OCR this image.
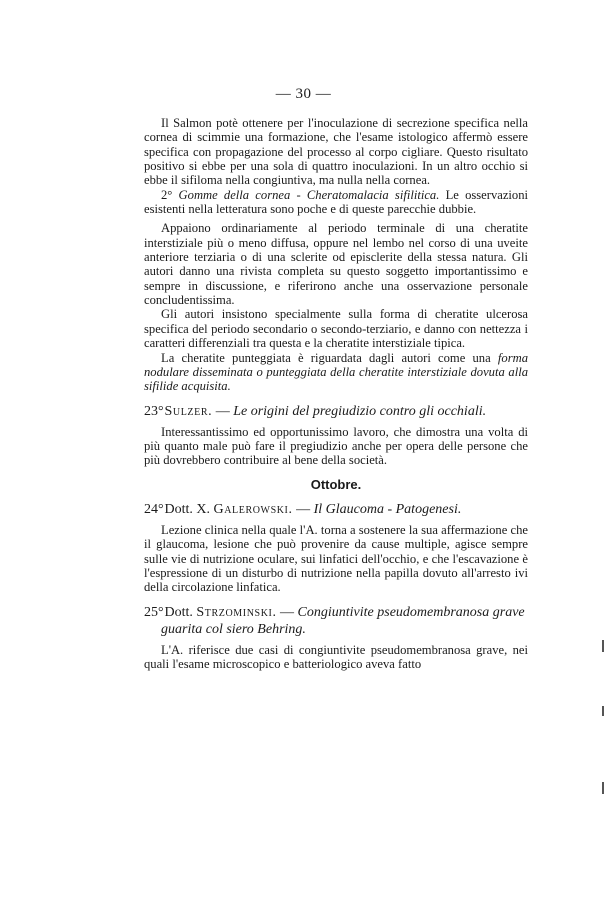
— 30 —

Il Salmon potè ottenere per l'inoculazione di secrezione specifica nella cornea di scimmie una formazione, che l'esame istologico affermò essere specifica con propagazione del processo al corpo cigliare. Questo risultato positivo si ebbe per una sola di quattro inoculazioni. In un altro occhio si ebbe il sifiloma nella congiuntiva, ma nulla nella cornea.

2° Gomme della cornea - Cheratomalacia sifilitica. Le osservazioni esistenti nella letteratura sono poche e di queste parecchie dubbie.

Appaiono ordinariamente al periodo terminale di una cheratite interstiziale più o meno diffusa, oppure nel lembo nel corso di una uveite anteriore terziaria o di una sclerite od episclerite della stessa natura. Gli autori danno una rivista completa su questo soggetto importantissimo e sempre in discussione, e riferirono anche una osservazione personale concludentissima.

Gli autori insistono specialmente sulla forma di cheratite ulcerosa specifica del periodo secondario o secondo-terziario, e danno con nettezza i caratteri differenziali tra questa e la cheratite interstiziale tipica.

La cheratite punteggiata è riguardata dagli autori come una forma nodulare disseminata o punteggiata della cheratite interstiziale dovuta alla sifilide acquisita.

23° Sulzer. — Le origini del pregiudizio contro gli occhiali.

Interessantissimo ed opportunissimo lavoro, che dimostra una volta di più quanto male può fare il pregiudizio anche per opera delle persone che più dovrebbero contribuire al bene della società.

Ottobre.
24° Dott. X. Galerowski. — Il Glaucoma - Patogenesi.

Lezione clinica nella quale l'A. torna a sostenere la sua affermazione che il glaucoma, lesione che può provenire da cause multiple, agisce sempre sulle vie di nutrizione oculare, sui linfatici dell'occhio, e che l'escavazione è l'espressione di un disturbo di nutrizione nella papilla dovuto all'arresto ivi della circolazione linfatica.

25° Dott. Strzominski. — Congiuntivite pseudomembranosa grave guarita col siero Behring.

L'A. riferisce due casi di congiuntivite pseudomembranosa grave, nei quali l'esame microscopico e batteriologico aveva fatto
